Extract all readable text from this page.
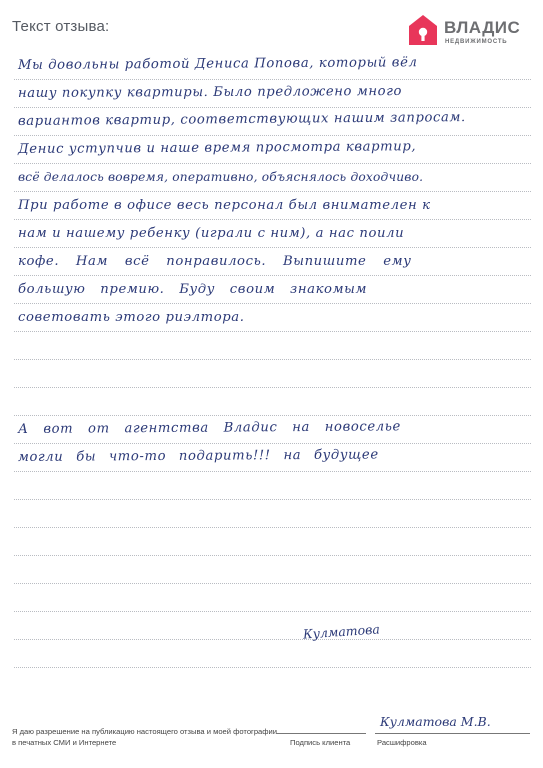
Текст отзыва:	ВЛАДИС
НЕДВИЖИМОСТЬ
Мы довольны работой Дениса Попова, который вёл
нашу покупку квартиры. Было предложено много
вариантов квартир, соответствующих нашим запросам.
Денис уступчив и наше время просмотра квартир,
всё делалось вовремя, оперативно, объяснялось доходчиво.
При работе в офисе весь персонал был внимателен к
нам и нашему ребенку (играли с ним), а нас поили
кофе. Нам всё понравилось. Выпишите ему
большую премию. Буду своим знакомым
советовать этого риэлтора.
А вот от агентства Владис на новоселье
могли бы что-то подарить!!! на будущее
Кулматова
Я даю разрешение на публикацию настоящего отзыва и моей фотографии в печатных СМИ и Интернете	Подпись клиента
Кулматова М.В.
Расшифровка
